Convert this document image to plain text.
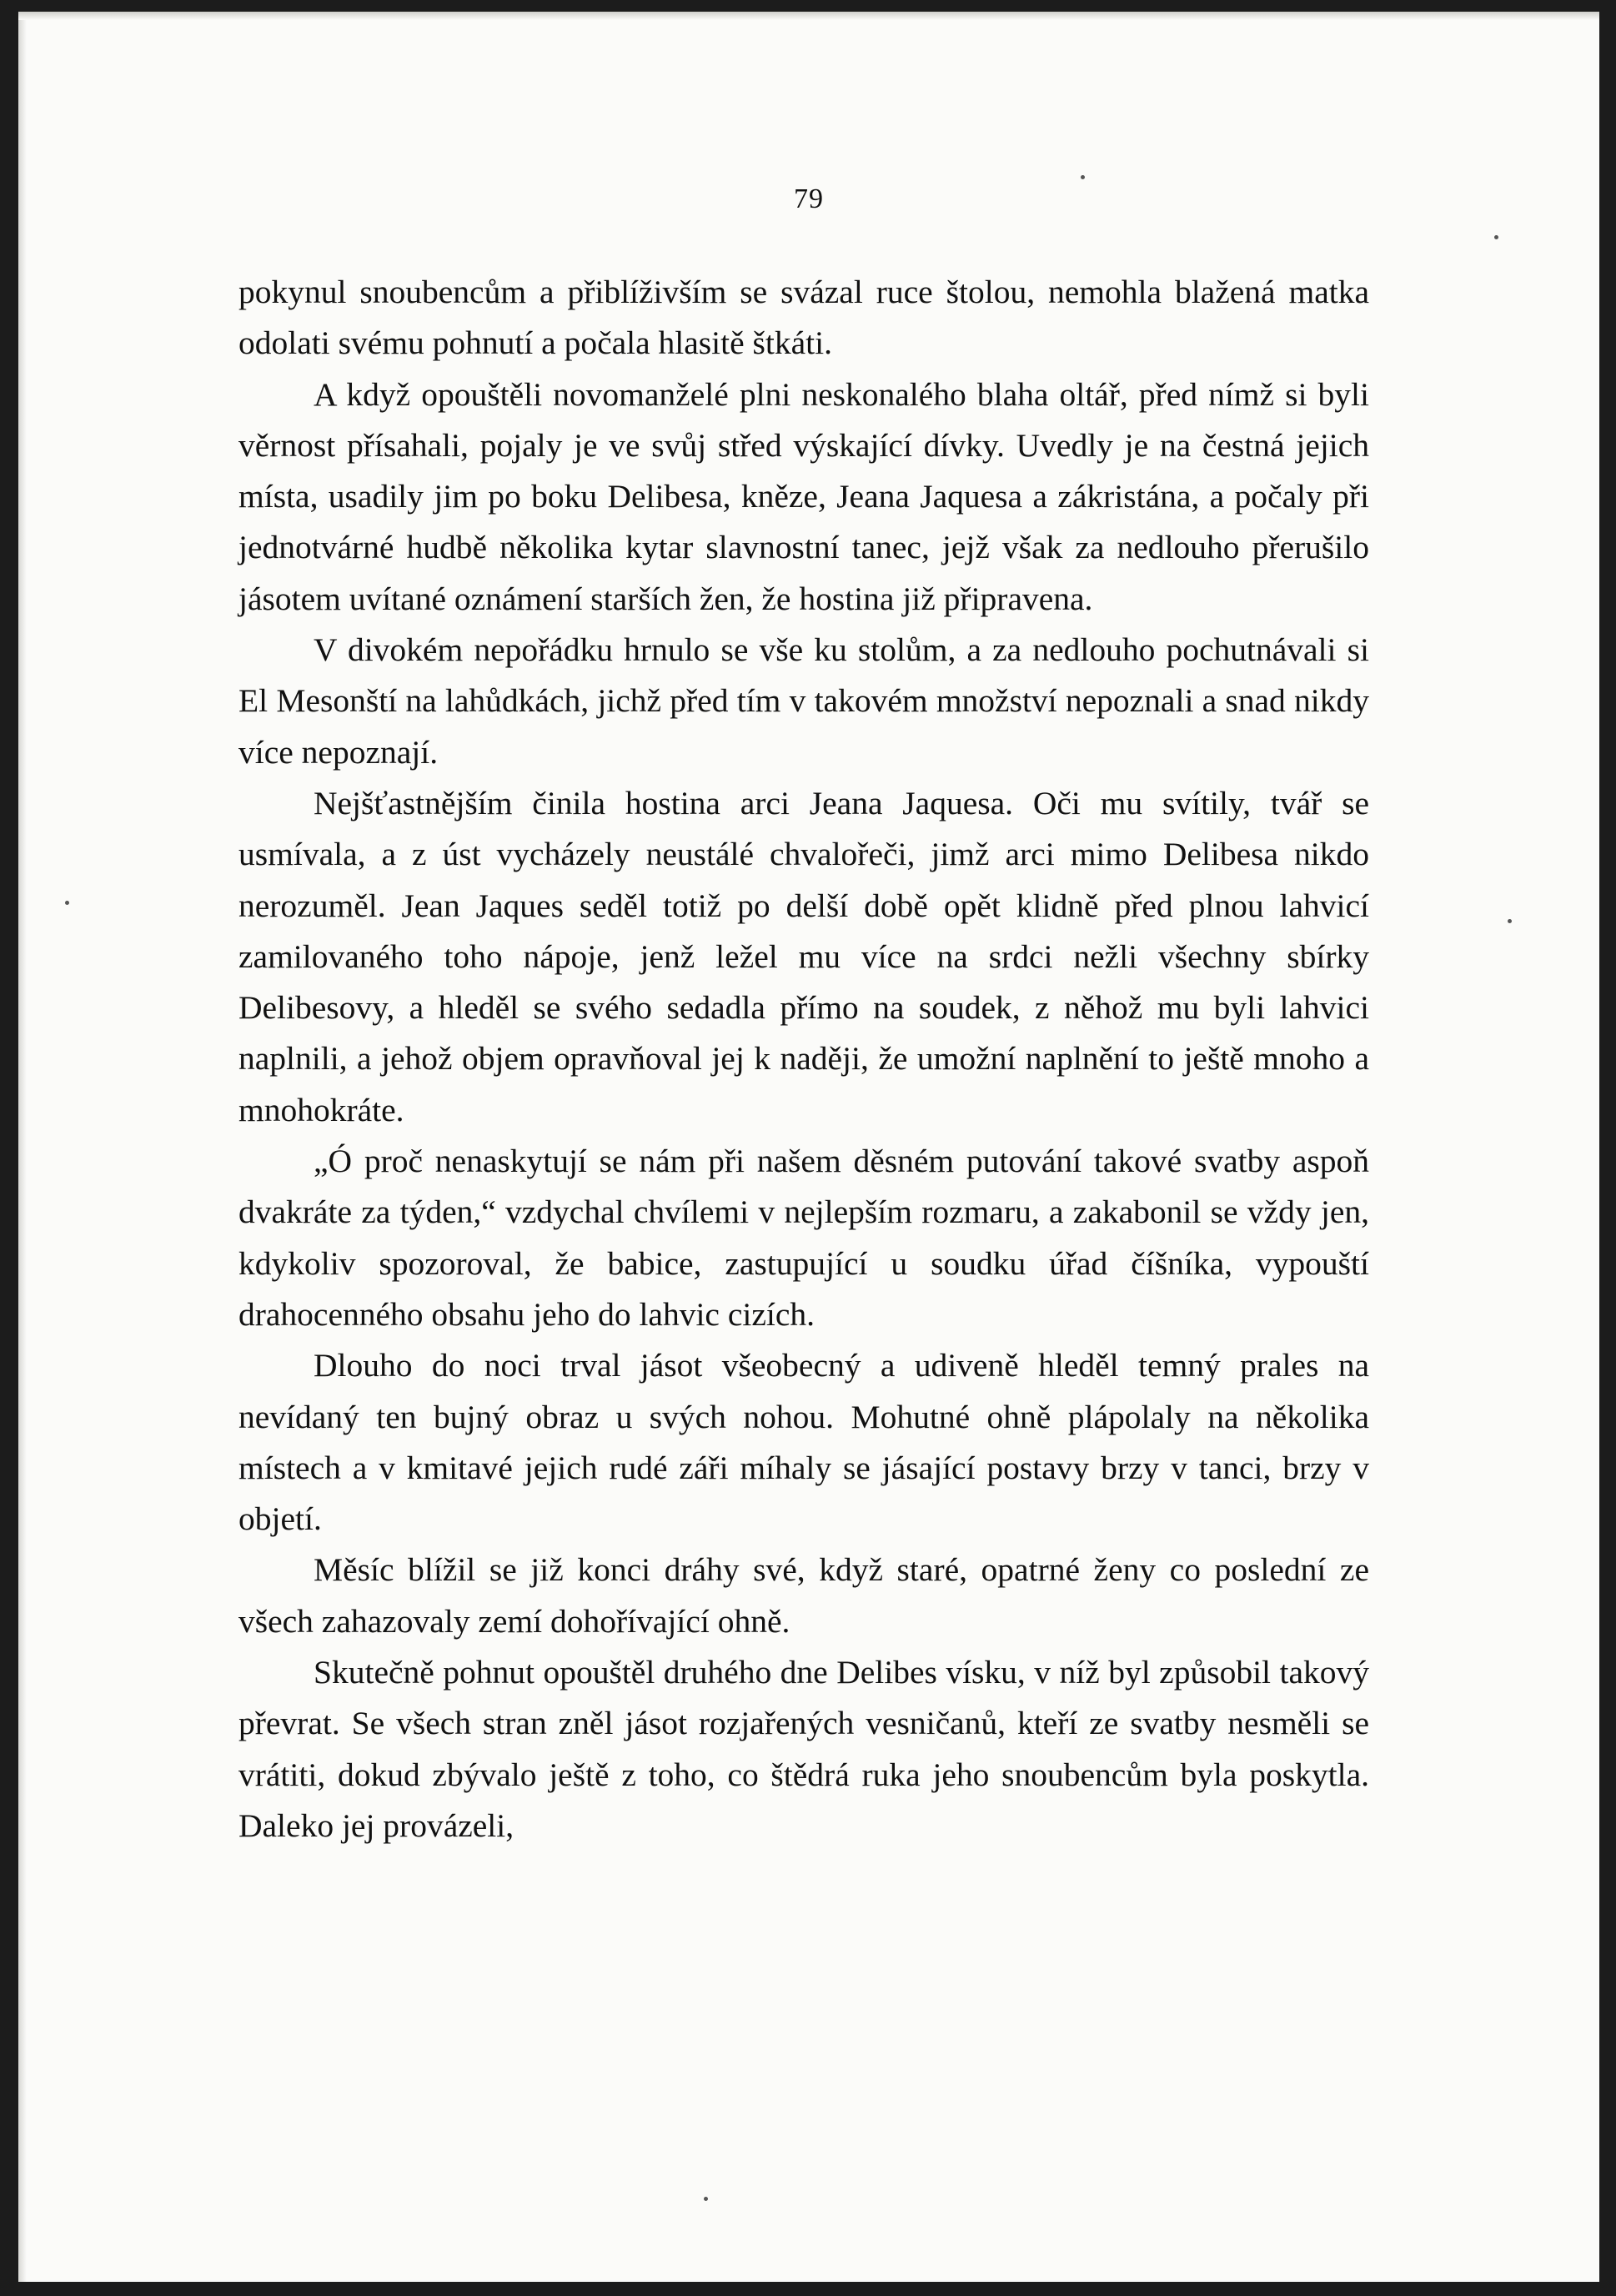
79

pokynul snoubencům a přiblíživším se svázal ruce štolou, nemohla blažená matka odolati svému pohnutí a počala hlasitě štkáti.

A když opouštěli novomanželé plni neskonalého blaha oltář, před nímž si byli věrnost přísahali, pojaly je ve svůj střed výskající dívky. Uvedly je na čestná jejich místa, usadily jim po boku Delibesa, kněze, Jeana Jaquesa a zákristána, a počaly při jednotvárné hudbě několika kytar slavnostní tanec, jejž však za nedlouho přerušilo jásotem uvítané oznámení starších žen, že hostina již připravena.

V divokém nepořádku hrnulo se vše ku stolům, a za nedlouho pochutnávali si El Mesonští na lahůdkách, jichž před tím v takovém množství nepoznali a snad nikdy více nepoznají.

Nejšťastnějším činila hostina arci Jeana Jaquesa. Oči mu svítily, tvář se usmívala, a z úst vycházely neustálé chvalořeči, jimž arci mimo Delibesa nikdo nerozuměl. Jean Jaques seděl totiž po delší době opět klidně před plnou lahvicí zamilovaného toho nápoje, jenž ležel mu více na srdci nežli všechny sbírky Delibesovy, a hleděl se svého sedadla přímo na soudek, z něhož mu byli lahvici naplnili, a jehož objem opravňoval jej k naději, že umožní naplnění to ještě mnoho a mnohokráte.

„Ó proč nenaskytují se nám při našem děsném putování takové svatby aspoň dvakráte za týden,“ vzdychal chvílemi v nejlepším rozmaru, a zakabonil se vždy jen, kdykoliv spozoroval, že babice, zastupující u soudku úřad číšníka, vypouští drahocenného obsahu jeho do lahvic cizích.

Dlouho do noci trval jásot všeobecný a udiveně hleděl temný prales na nevídaný ten bujný obraz u svých nohou. Mohutné ohně plápolaly na několika místech a v kmitavé jejich rudé záři míhaly se jásající postavy brzy v tanci, brzy v objetí.

Měsíc blížil se již konci dráhy své, když staré, opatrné ženy co poslední ze všech zahazovaly zemí dohořívající ohně.

Skutečně pohnut opouštěl druhého dne Delibes vísku, v níž byl způsobil takový převrat. Se všech stran zněl jásot rozjařených vesničanů, kteří ze svatby nesměli se vrátiti, dokud zbývalo ještě z toho, co štědrá ruka jeho snoubencům byla poskytla. Daleko jej provázeli,
